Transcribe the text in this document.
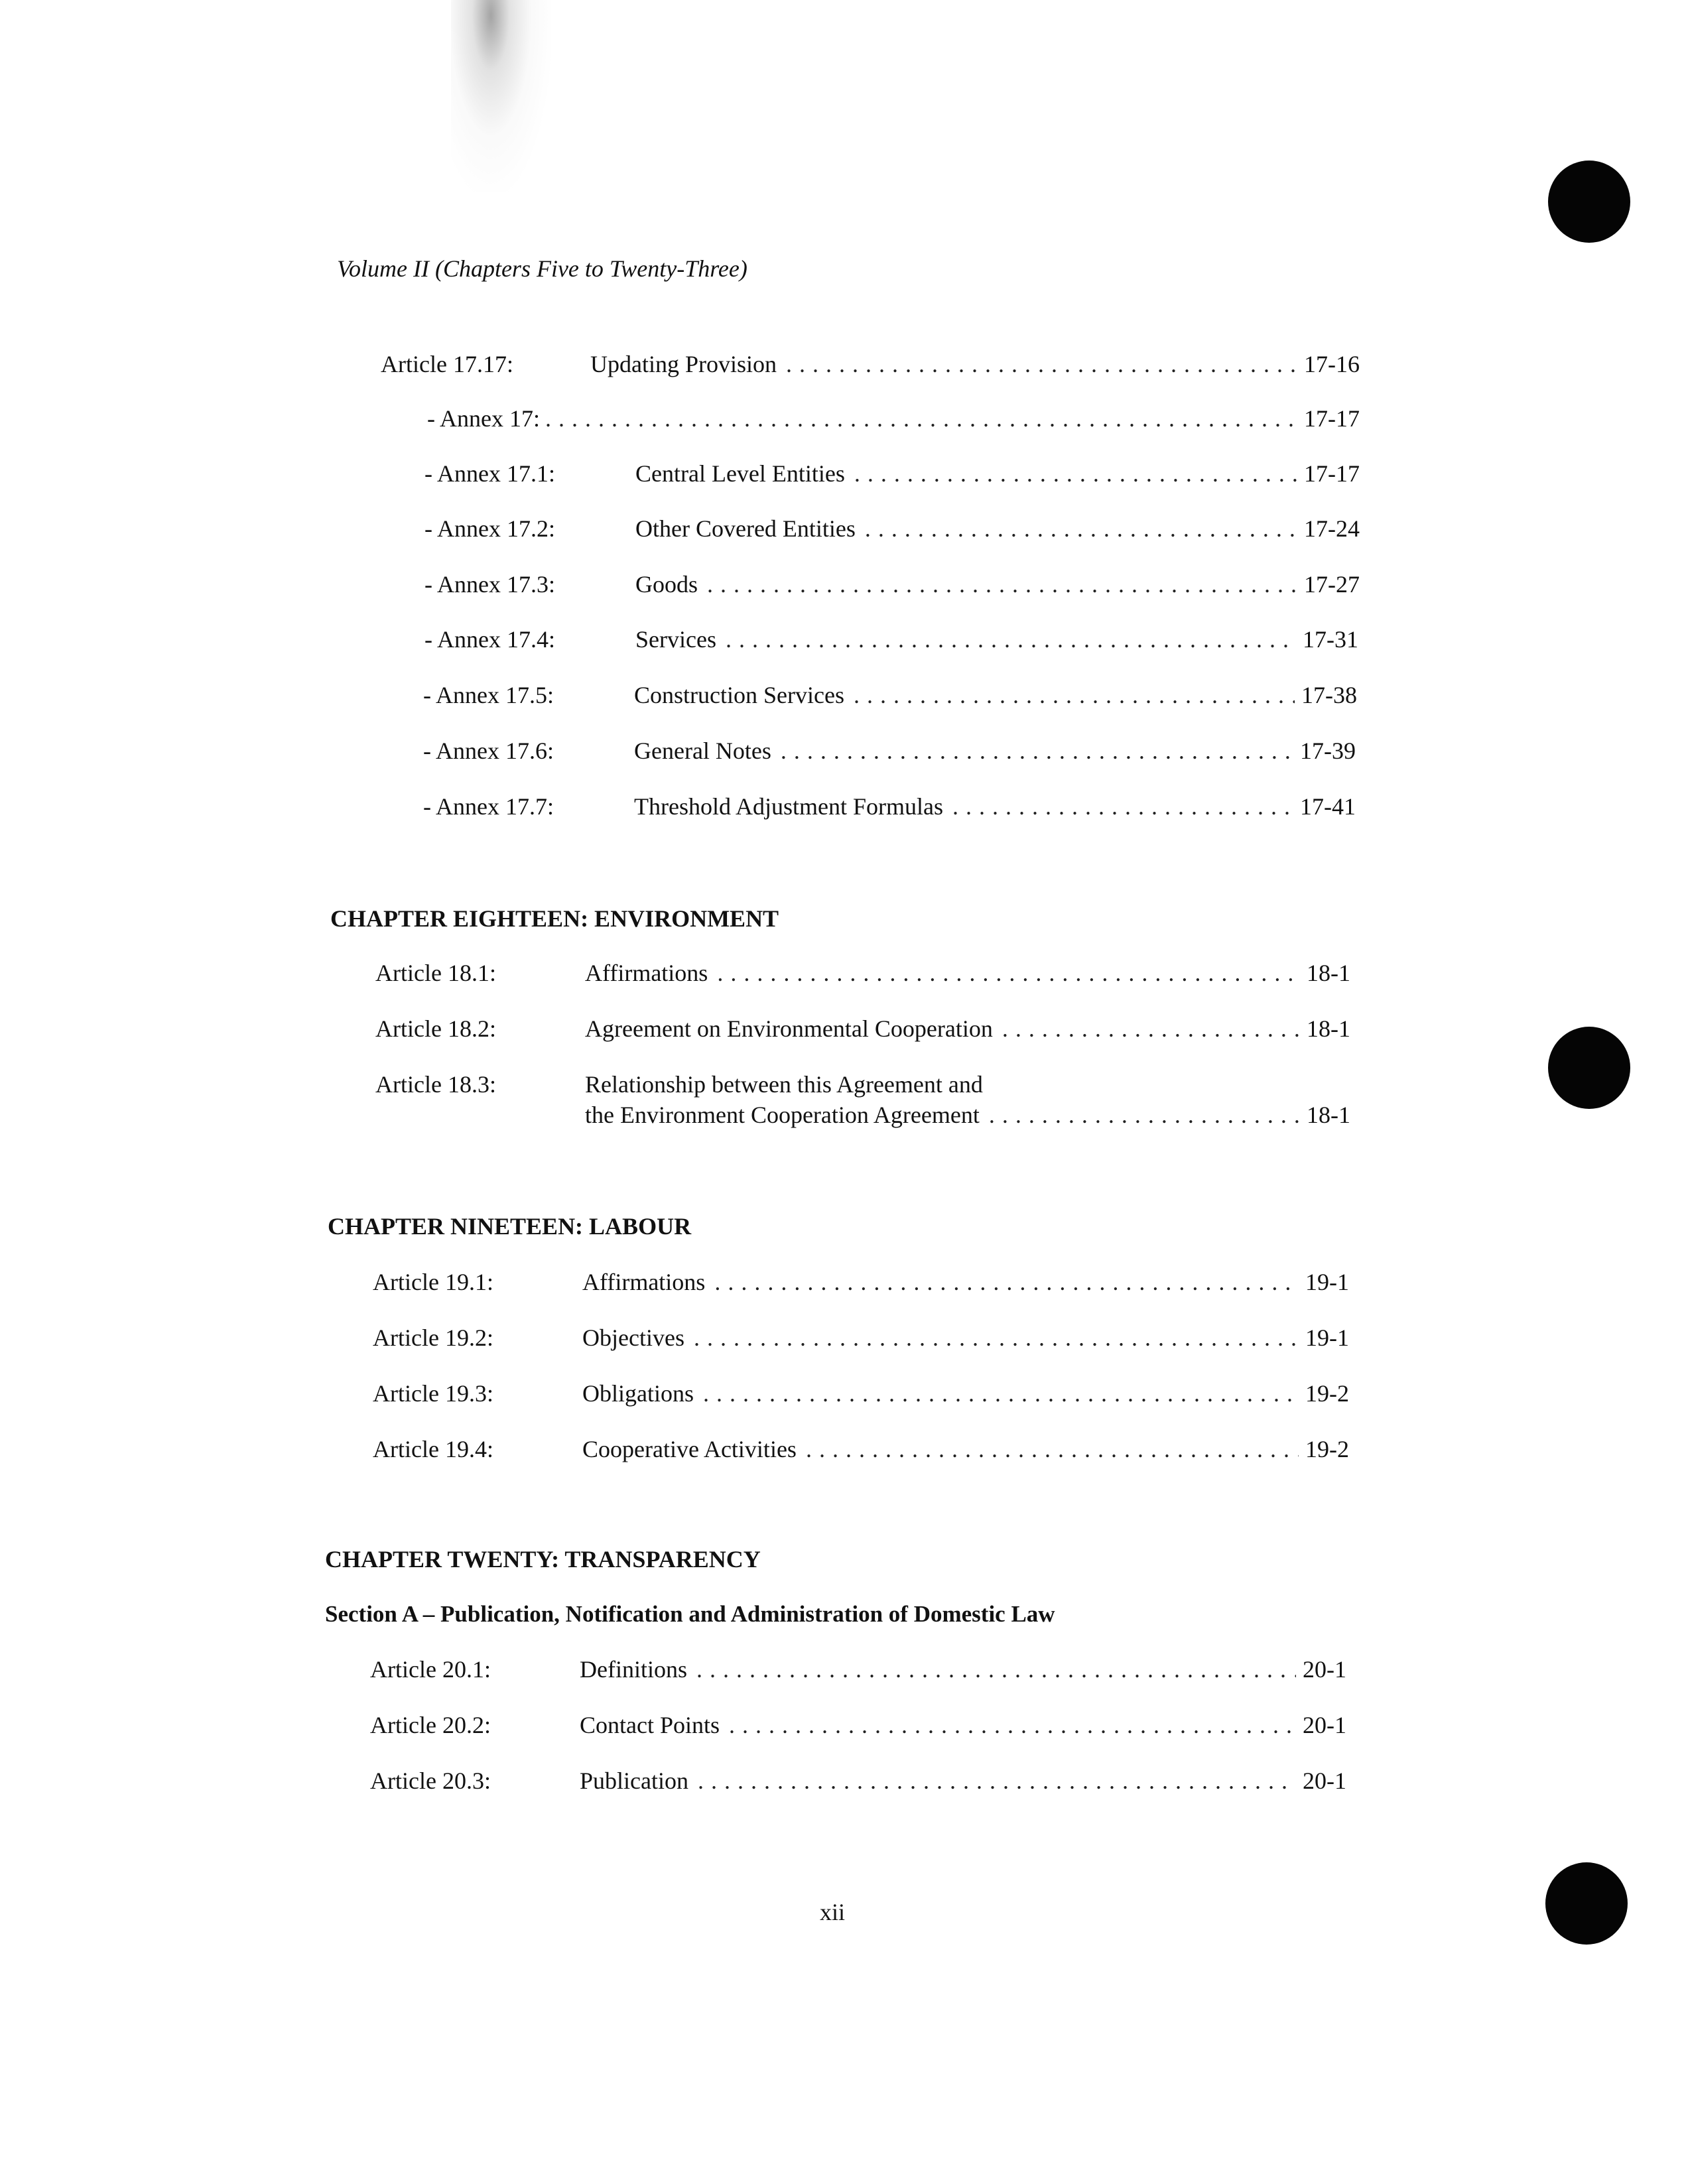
Volume II (Chapters Five to Twenty-Three)
Article 17.17:	Updating Provision . . .	17-16
- Annex 17: . . .	17-17
- Annex 17.1:	Central Level Entities . . .	17-17
- Annex 17.2:	Other Covered Entities . . .	17-24
- Annex 17.3:	Goods . . .	17-27
- Annex 17.4:	Services . . .	17-31
- Annex 17.5:	Construction Services . . .	17-38
- Annex 17.6:	General Notes . . .	17-39
- Annex 17.7:	Threshold Adjustment Formulas . . .	17-41
CHAPTER EIGHTEEN: ENVIRONMENT
Article 18.1:	Affirmations . . .	18-1
Article 18.2:	Agreement on Environmental Cooperation . . .	18-1
Article 18.3:	Relationship between this Agreement and
the Environment Cooperation Agreement . . .	18-1
CHAPTER NINETEEN: LABOUR
Article 19.1:	Affirmations . . .	19-1
Article 19.2:	Objectives . . .	19-1
Article 19.3:	Obligations . . .	19-2
Article 19.4:	Cooperative Activities . . .	19-2
CHAPTER TWENTY: TRANSPARENCY
Section A – Publication, Notification and Administration of Domestic Law
Article 20.1:	Definitions . . .	20-1
Article 20.2:	Contact Points . . .	20-1
Article 20.3:	Publication . . .	20-1
xii
